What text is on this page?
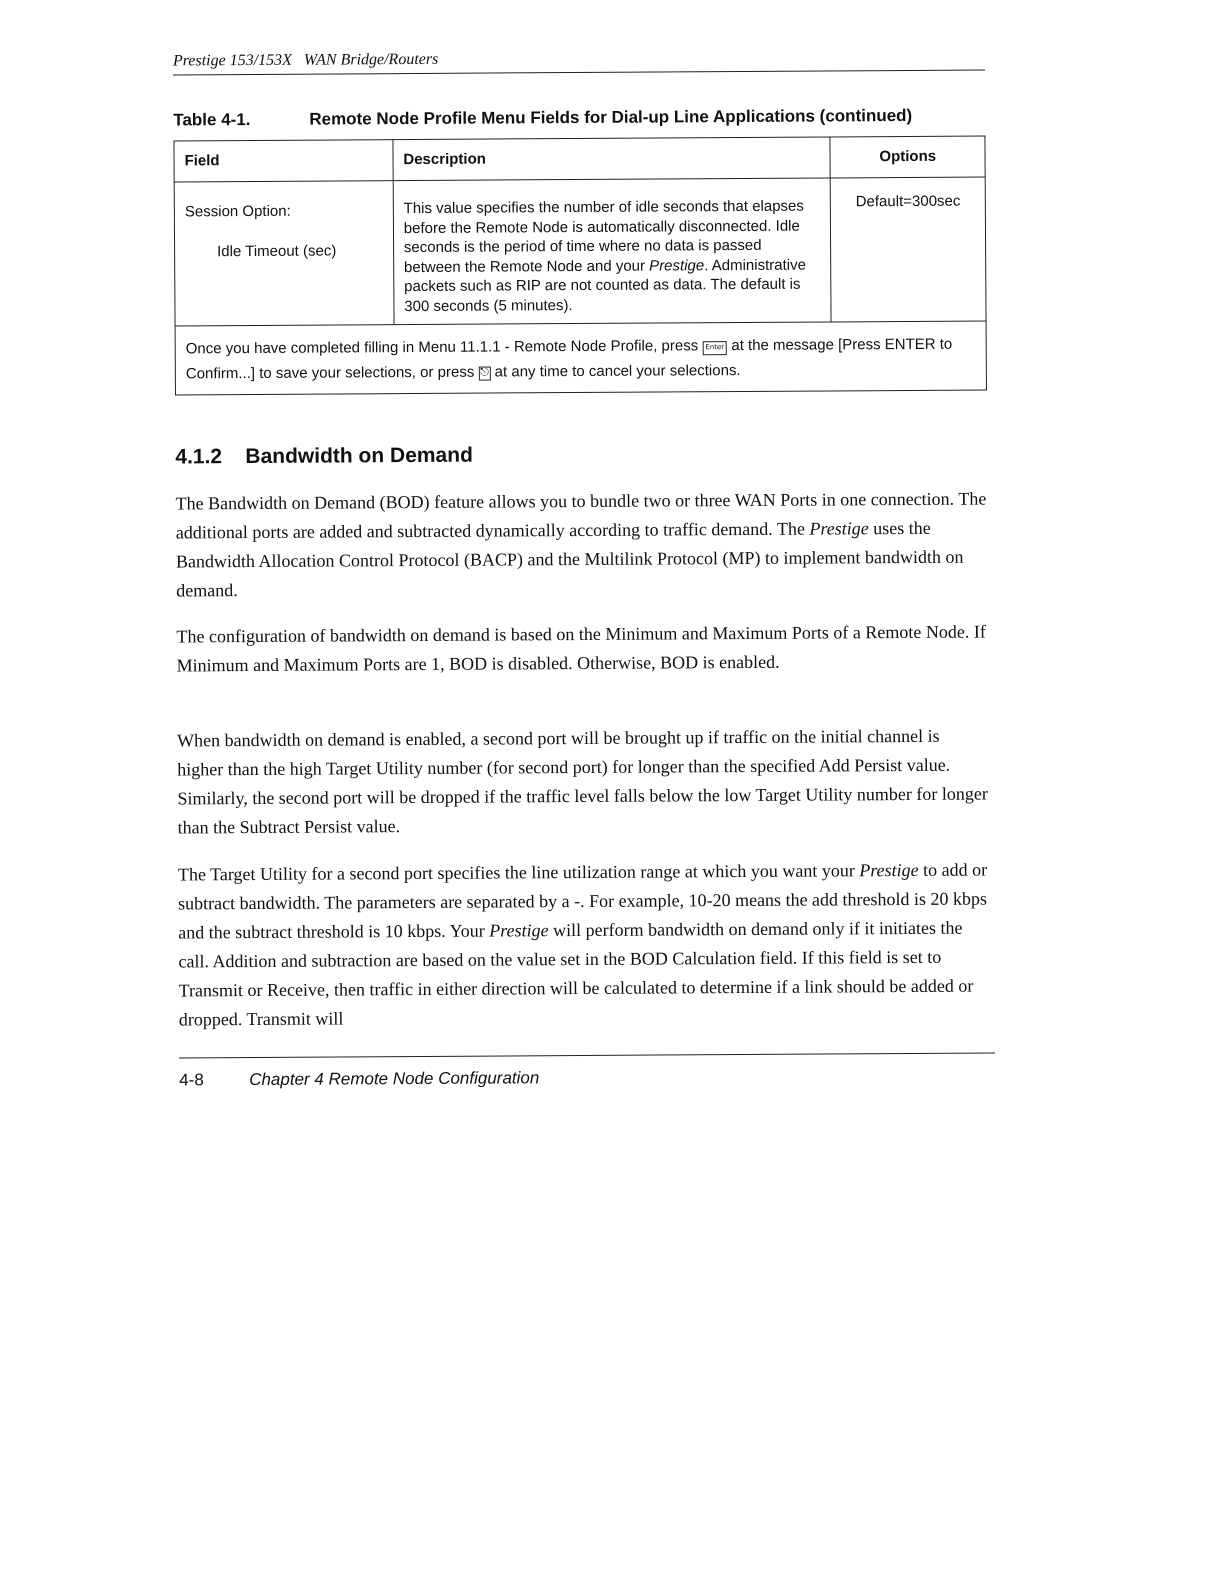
Prestige 153/153X   WAN Bridge/Routers
Table 4-1.	Remote Node Profile Menu Fields for Dial-up Line Applications (continued)
Field	Description	Options
Session Option:
Idle Timeout (sec)	This value specifies the number of idle seconds that elapses before the Remote Node is automatically disconnected. Idle seconds is the period of time where no data is passed between the Remote Node and your Prestige. Administrative packets such as RIP are not counted as data. The default is 300 seconds (5 minutes).	Default=300sec
Once you have completed filling in Menu 11.1.1 - Remote Node Profile, press Enter at the message [Press ENTER to Confirm...] to save your selections, or press ⎋ at any time to cancel your selections.		
4.1.2 Bandwidth on Demand

The Bandwidth on Demand (BOD) feature allows you to bundle two or three WAN Ports in one connection. The additional ports are added and subtracted dynamically according to traffic demand. The Prestige uses the Bandwidth Allocation Control Protocol (BACP) and the Multilink Protocol (MP) to implement bandwidth on demand.

The configuration of bandwidth on demand is based on the Minimum and Maximum Ports of a Remote Node. If Minimum and Maximum Ports are 1, BOD is disabled. Otherwise, BOD is enabled.

When bandwidth on demand is enabled, a second port will be brought up if traffic on the initial channel is higher than the high Target Utility number (for second port) for longer than the specified Add Persist value. Similarly, the second port will be dropped if the traffic level falls below the low Target Utility number for longer than the Subtract Persist value.

The Target Utility for a second port specifies the line utilization range at which you want your Prestige to add or subtract bandwidth. The parameters are separated by a -. For example, 10-20 means the add threshold is 20 kbps and the subtract threshold is 10 kbps. Your Prestige will perform bandwidth on demand only if it initiates the call. Addition and subtraction are based on the value set in the BOD Calculation field. If this field is set to Transmit or Receive, then traffic in either direction will be calculated to determine if a link should be added or dropped. Transmit will

4-8	Chapter 4 Remote Node Configuration
